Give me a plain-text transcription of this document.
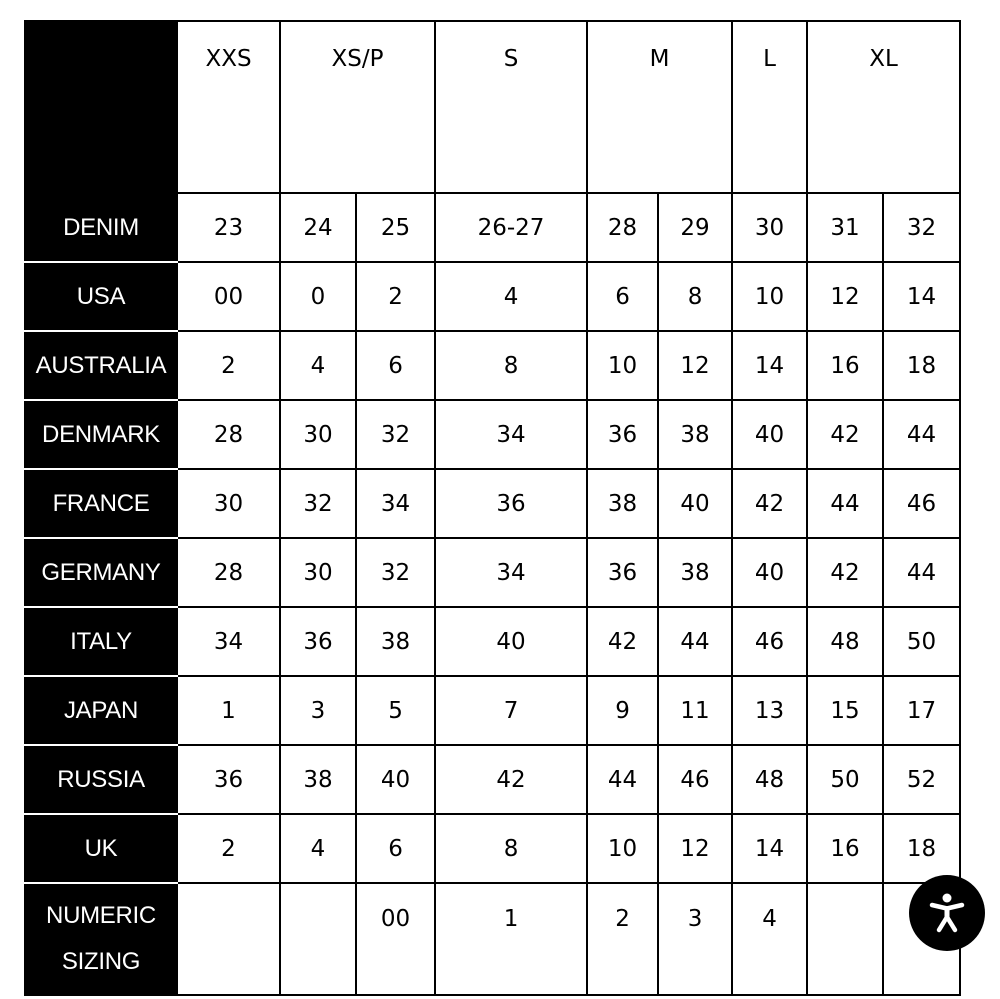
	XXS	XS/P		S	M		L	XL	
DENIM	23	24	25	26-27	28	29	30	31	32
USA	00	0	2	4	6	8	10	12	14
AUSTRALIA	2	4	6	8	10	12	14	16	18
DENMARK	28	30	32	34	36	38	40	42	44
FRANCE	30	32	34	36	38	40	42	44	46
GERMANY	28	30	32	34	36	38	40	42	44
ITALY	34	36	38	40	42	44	46	48	50
JAPAN	1	3	5	7	9	11	13	15	17
RUSSIA	36	38	40	42	44	46	48	50	52
UK	2	4	6	8	10	12	14	16	18

NUMERIC
SIZING			00	1	2	3	4		
